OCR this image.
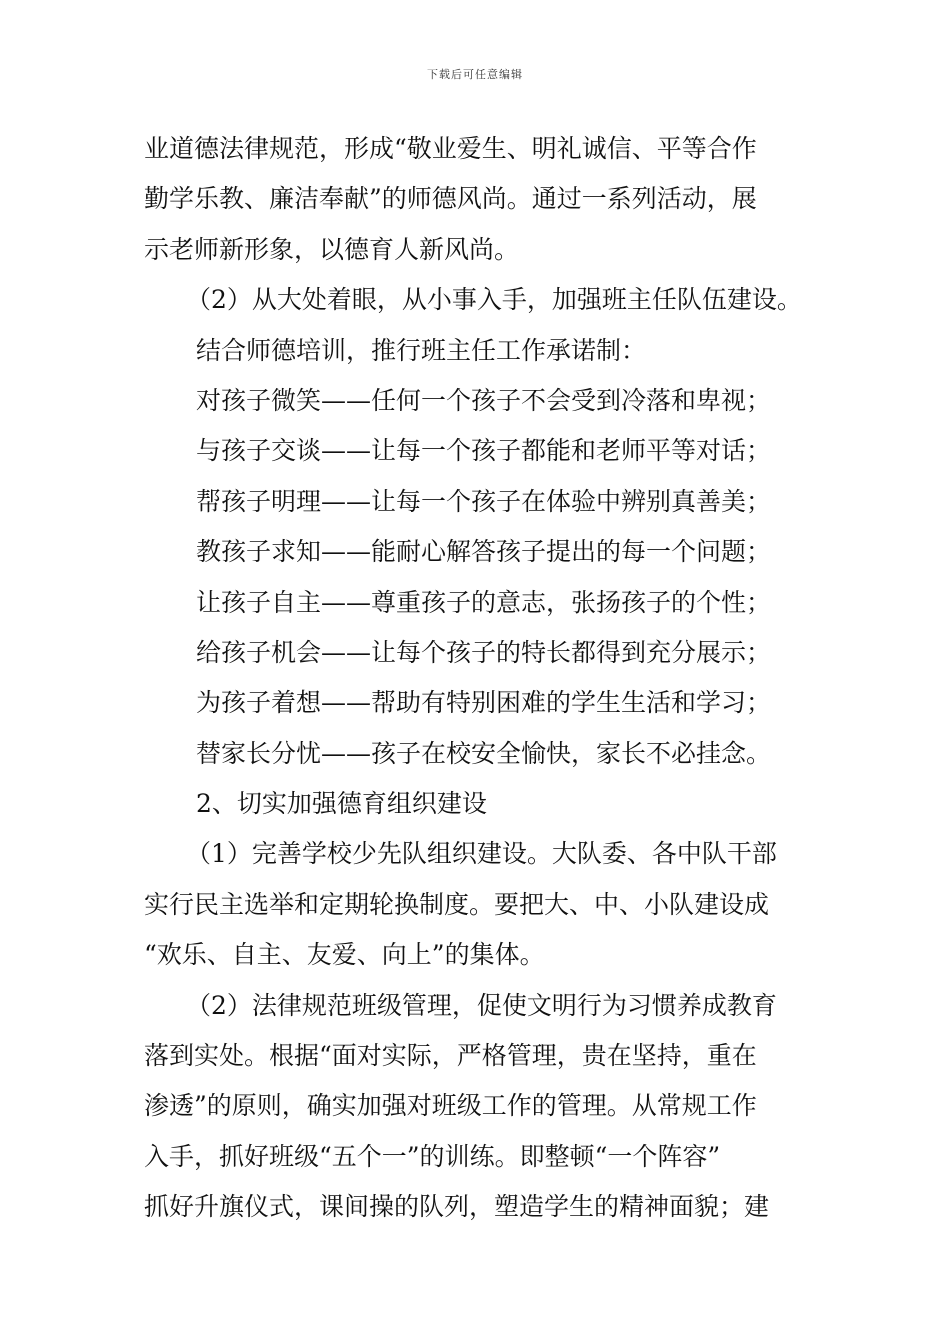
下载后可任意编辑
业道德法律规范，形成“敬业爱生、明礼诚信、平等合作
勤学乐教、廉洁奉献”的师德风尚。通过一系列活动，展
示老师新形象，以德育人新风尚。
（2）从大处着眼，从小事入手，加强班主任队伍建设。
结合师德培训，推行班主任工作承诺制：
对孩子微笑——任何一个孩子不会受到冷落和卑视；
与孩子交谈——让每一个孩子都能和老师平等对话；
帮孩子明理——让每一个孩子在体验中辨别真善美；
教孩子求知——能耐心解答孩子提出的每一个问题；
让孩子自主——尊重孩子的意志，张扬孩子的个性；
给孩子机会——让每个孩子的特长都得到充分展示；
为孩子着想——帮助有特别困难的学生生活和学习；
替家长分忧——孩子在校安全愉快，家长不必挂念。
2、切实加强德育组织建设
（1）完善学校少先队组织建设。大队委、各中队干部
实行民主选举和定期轮换制度。要把大、中、小队建设成
“欢乐、自主、友爱、向上”的集体。
（2）法律规范班级管理，促使文明行为习惯养成教育
落到实处。根据“面对实际，严格管理，贵在坚持，重在
渗透”的原则，确实加强对班级工作的管理。从常规工作
入手，抓好班级“五个一”的训练。即整顿“一个阵容”
抓好升旗仪式，课间操的队列，塑造学生的精神面貌；建
